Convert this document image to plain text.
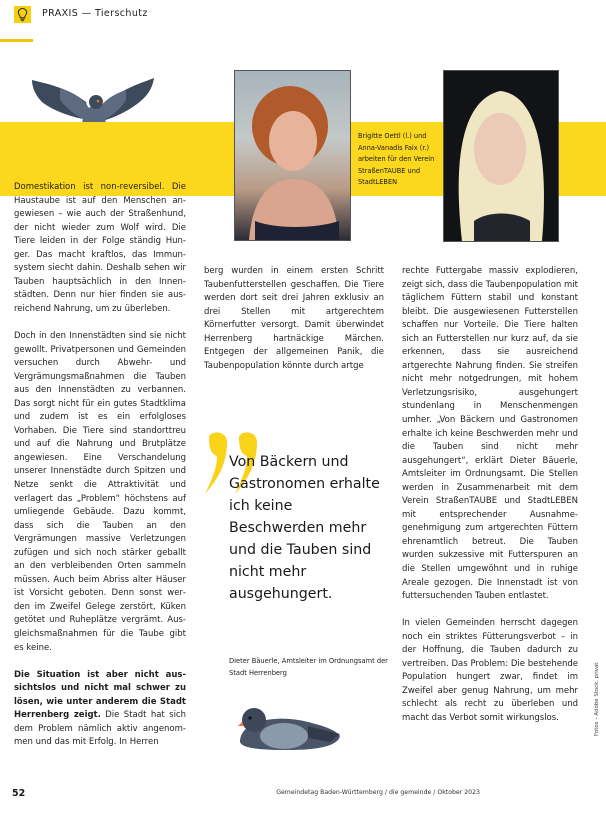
PRAXIS — Tierschutz
Brigitte Oettl (l.) und Anna-Vanadis Faix (r.) arbeiten für den Verein StraßenTAUBE und StadtLEBEN

Domestikation ist non-reversibel. Die Haustaube ist auf den Menschen angewiesen – wie auch der Straßenhund, der nicht wieder zum Wolf wird. Die Tiere leiden in der Folge ständig Hunger. Das macht kraftlos, das Immunsystem siecht dahin. Deshalb sehen wir Tauben hauptsächlich in den Innenstädten. Denn nur hier finden sie ausreichend Nahrung, um zu überleben.

Doch in den Innenstädten sind sie nicht gewollt. Privatpersonen und Gemeinden versuchen durch Abwehr- und Vergrämungsmaßnahmen die Tauben aus den Innenstädten zu verbannen. Das sorgt nicht für ein gutes Stadtklima und zudem ist es ein erfolgloses Vorhaben. Die Tiere sind standorttreu und auf die Nahrung und Brutplätze angewiesen. Eine Verschandelung unserer Innenstädte durch Spitzen und Netze senkt die Attraktivität und verlagert das „Problem“ höchstens auf umliegende Gebäude. Dazu kommt, dass sich die Tauben an den Vergrämungen massive Verletzungen zufügen und sich noch stärker geballt an den verbleibenden Orten sammeln müssen. Auch beim Abriss alter Häuser ist Vorsicht geboten. Denn sonst werden im Zweifel Gelege zerstört, Küken getötet und Ruheplätze vergrämt. Ausgleichsmaßnahmen für die Taube gibt es keine.

Die Situation ist aber nicht aussichtslos und nicht mal schwer zu lösen, wie unter anderem die Stadt Herrenberg zeigt. Die Stadt hat sich dem Problem nämlich aktiv angenommen und das mit Erfolg. In Herren

berg wurden in einem ersten Schritt Taubenfutterstellen geschaffen. Die Tiere werden dort seit drei Jahren exklusiv an drei Stellen mit artgerechtem Körnerfutter versorgt. Damit überwindet Herrenberg hartnäckige Märchen. Entgegen der allgemeinen Panik, die Taubenpopulation könnte durch artge

Von Bäckern und Gastronomen erhalte ich keine Beschwerden mehr und die Tauben sind nicht mehr ausgehungert.
Dieter Bäuerle, Amtsleiter im Ordnungsamt der Stadt Herrenberg

rechte Futtergabe massiv explodieren, zeigt sich, dass die Taubenpopulation mit täglichem Füttern stabil und konstant bleibt. Die ausgewiesenen Futterstellen schaffen nur Vorteile. Die Tiere halten sich an Futterstellen nur kurz auf, da sie erkennen, dass sie ausreichend artgerechte Nahrung finden. Sie streifen nicht mehr notgedrungen, mit hohem Verletzungsrisiko, ausgehungert stundenlang in Menschenmengen umher. „Von Bäckern und Gastronomen erhalte ich keine Beschwerden mehr und die Tauben sind nicht mehr ausgehungert“, erklärt Dieter Bäuerle, Amtsleiter im Ordnungsamt. Die Stellen werden in Zusammenarbeit mit dem Verein StraßenTAUBE und StadtLEBEN mit entsprechender Ausnahmegenehmigung zum artgerechten Füttern ehrenamtlich betreut. Die Tauben wurden sukzessive mit Futterspuren an die Stellen umgewöhnt und in ruhige Areale gezogen. Die Innenstadt ist von futtersuchenden Tauben entlastet.

In vielen Gemeinden herrscht dagegen noch ein striktes Fütterungsverbot – in der Hoffnung, die Tauben dadurch zu vertreiben. Das Problem: Die bestehende Population hungert zwar, findet im Zweifel aber genug Nahrung, um mehr schlecht als recht zu überleben und macht das Verbot somit wirkungslos.	Fotos – Adobe Stock, privat
52	Gemeindetag Baden-Württemberg / die gemeinde / Oktober 2023
